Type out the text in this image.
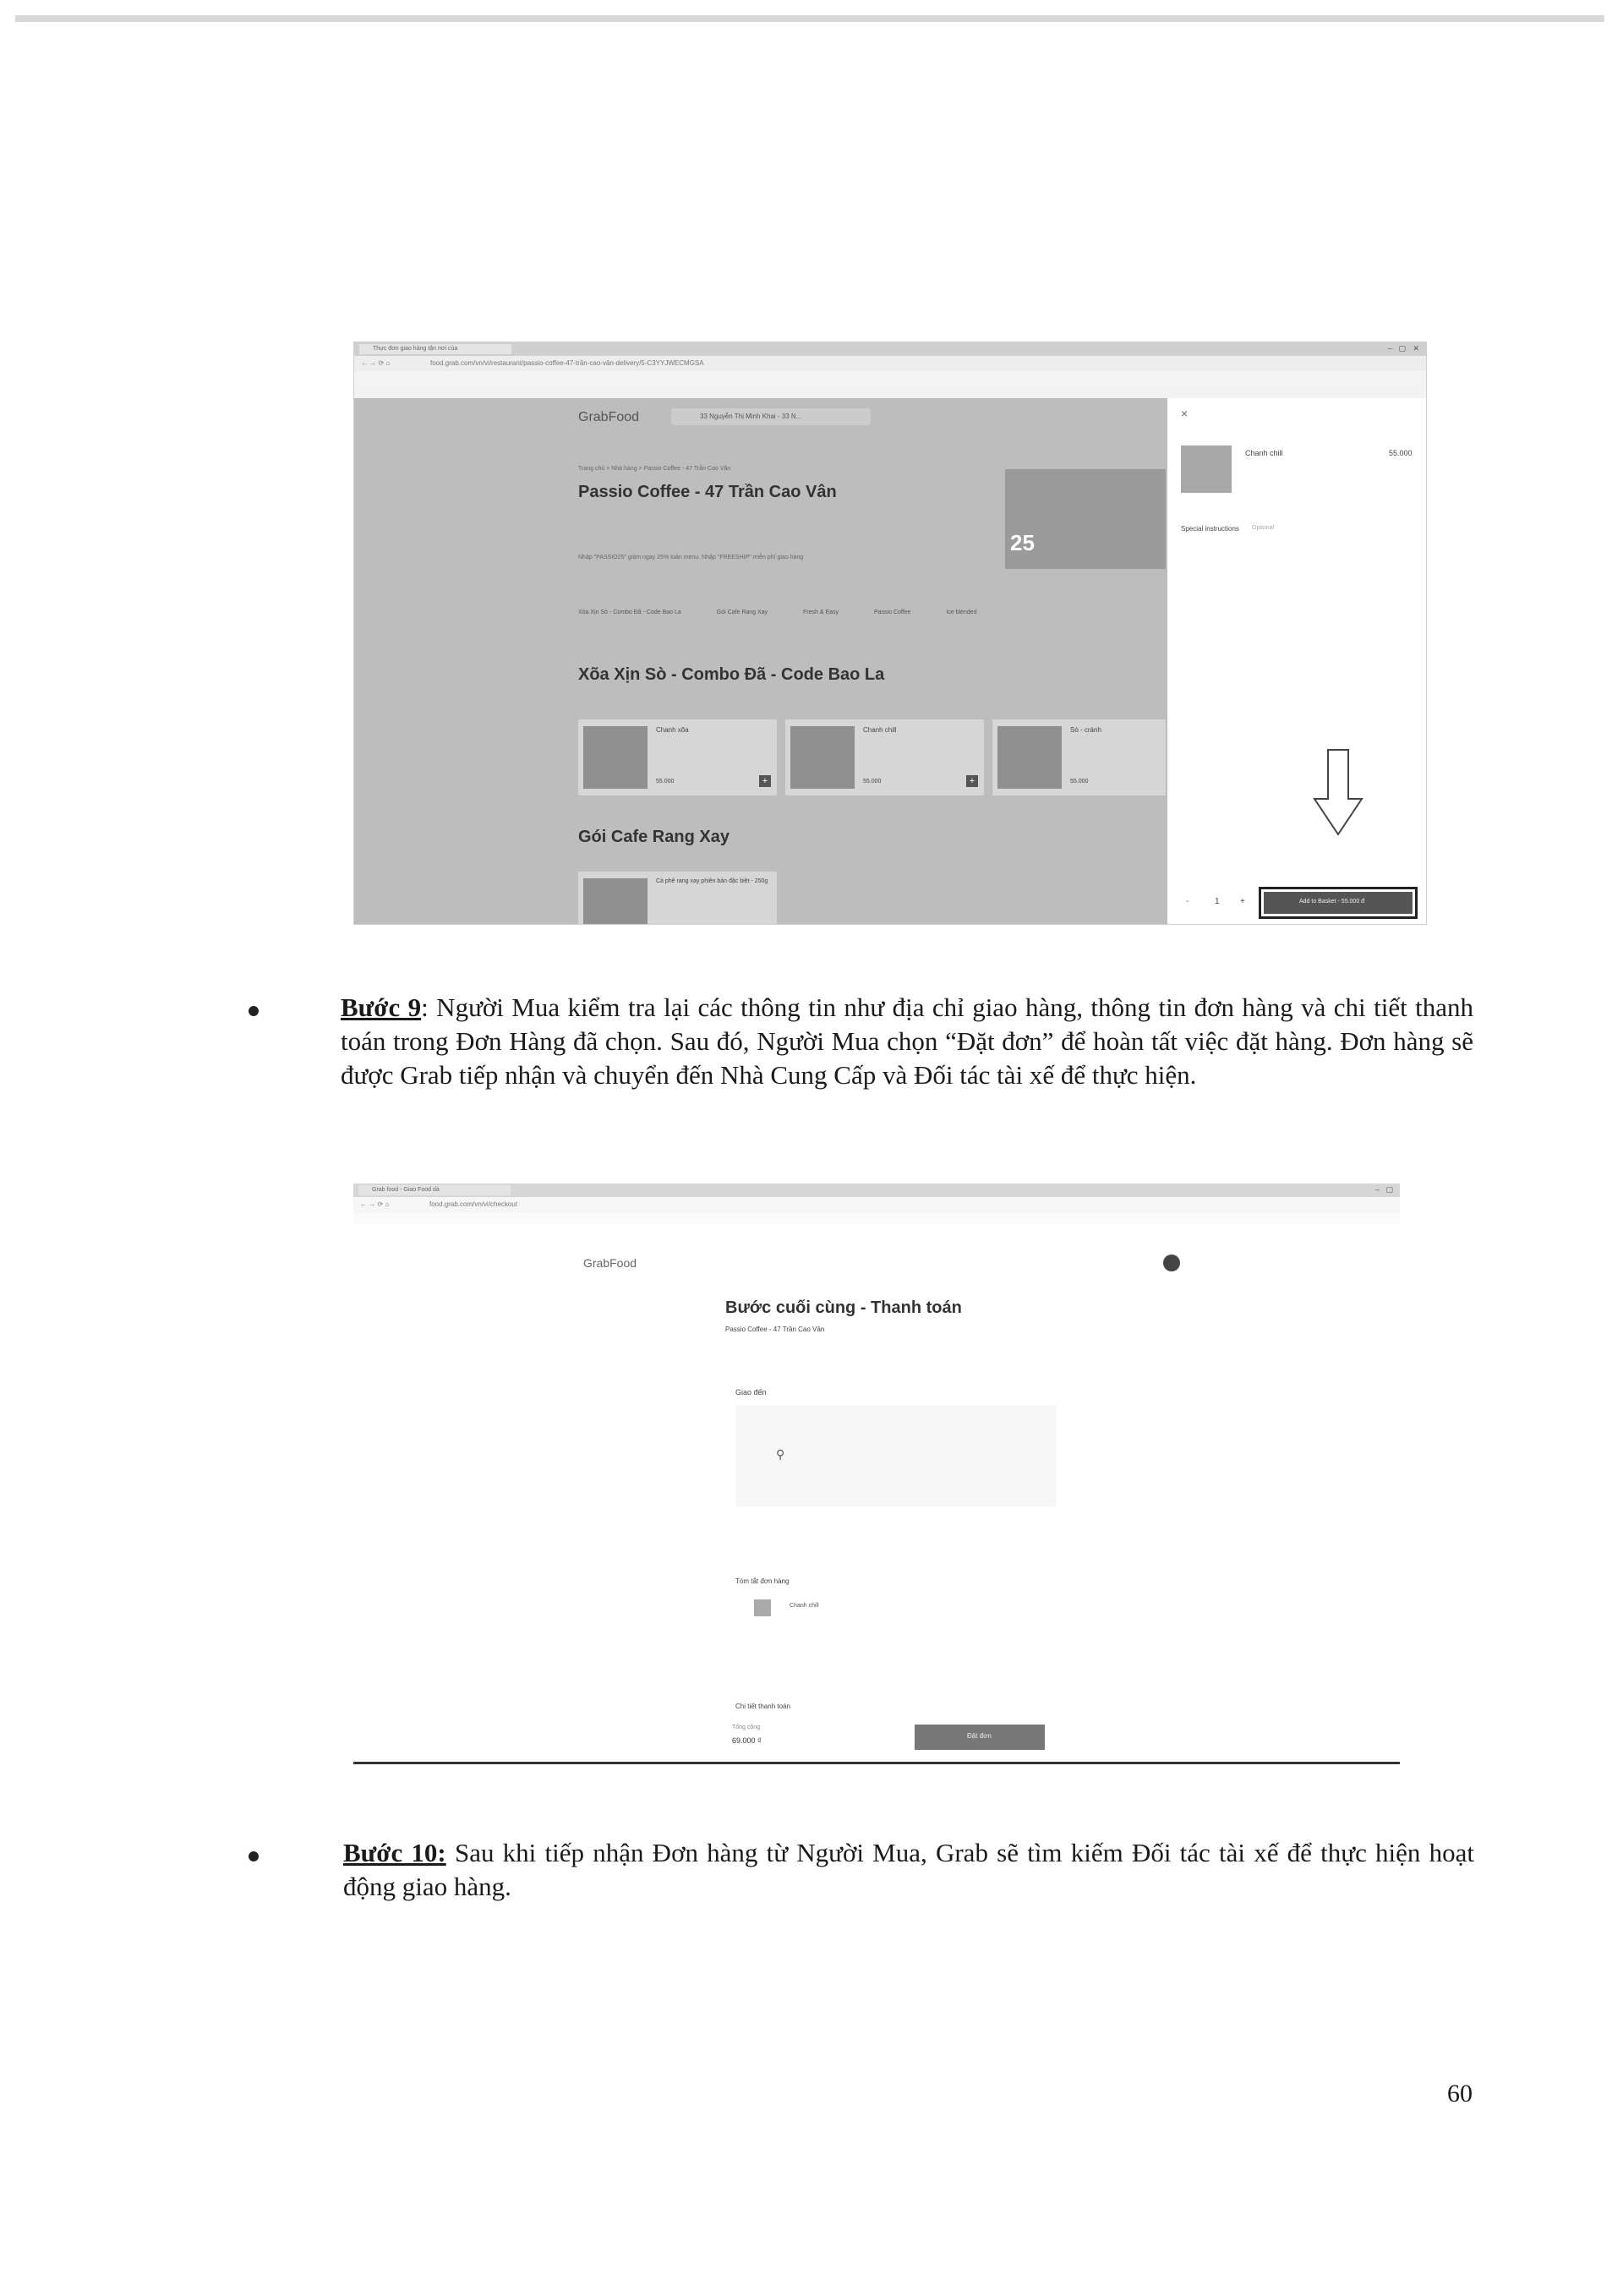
Thực đơn giao hàng tận nơi của	– ▢ ✕
← → ⟳ ⌂	food.grab.com/vn/vi/restaurant/passio-coffee-47-trần-cao-vân-delivery/5-C3YYJWECMGSA
GrabFood	33 Nguyễn Thị Minh Khai - 33 N...
Trang chủ > Nhà hàng > Passio Coffee - 47 Trần Cao Văn
Passio Coffee - 47 Trần Cao Vân
Nhập "PASSIO25" giảm ngay 25% toàn menu. Nhập "FREESHIP" miễn phí giao hàng
25
Xỏa Xịn Sò - Combo Đã - Code Bao La	Gói Cafe Rang Xay	Fresh & Easy	Passio Coffee	Ice blended
Xõa Xịn Sò - Combo Đã - Code Bao La
Chanh xõa
55.000	+
Chanh chill
55.000	+
Sò - cránh
55.000
Gói Cafe Rang Xay
Cà phê rang xay phiên bản đặc biệt - 250g
×
Chanh chill	55.000
Special instructions Optional
-	1 +	Add to Basket - 55.000 đ
Bước 9: Người Mua kiểm tra lại các thông tin như địa chỉ giao hàng, thông tin đơn hàng và chi tiết thanh toán trong Đơn Hàng đã chọn. Sau đó, Người Mua chọn “Đặt đơn” để hoàn tất việc đặt hàng. Đơn hàng sẽ được Grab tiếp nhận và chuyển đến Nhà Cung Cấp và Đối tác tài xế để thực hiện.
Grab food - Giao Food dà	– ▢
← → ⟳ ⌂	food.grab.com/vn/vi/checkout
GrabFood
Bước cuối cùng - Thanh toán
Passio Coffee - 47 Trần Cao Vân
Giao đến
⚲
Tóm tắt đơn hàng
Chanh chill
Chi tiết thanh toán
Tổng cộng
69.000 ₫
Đặt đơn
Bước 10: Sau khi tiếp nhận Đơn hàng từ Người Mua, Grab sẽ tìm kiếm Đối tác tài xế để thực hiện hoạt động giao hàng.
60
